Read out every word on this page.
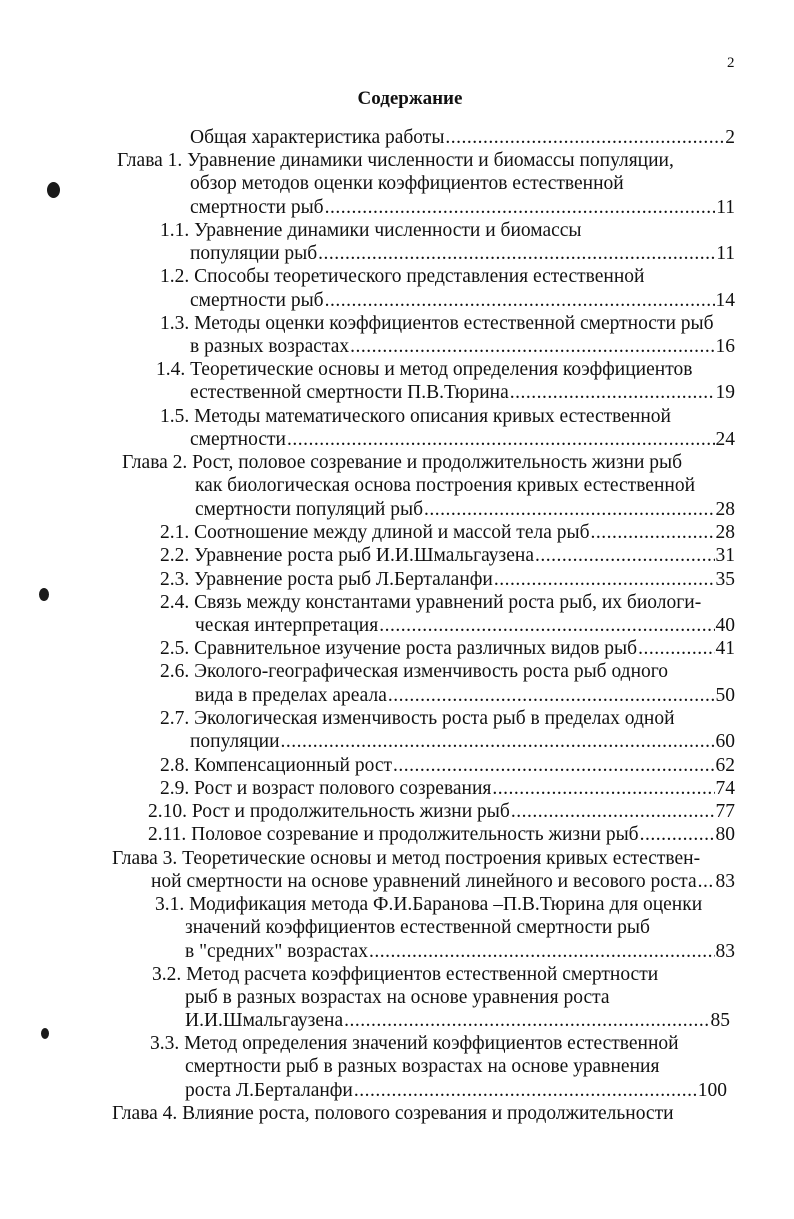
2
Содержание
Общая характеристика работы .....	2
Глава 1. Уравнение динамики численности и биомассы популяции,
обзор методов оценки коэффициентов естественной
смертности рыб .....	11
1.1. Уравнение динамики численности и биомассы
популяции рыб .....	11
1.2. Способы теоретического представления естественной
смертности рыб .....	14
1.3. Методы оценки коэффициентов естественной смертности рыб
в разных возрастах .....	16
1.4. Теоретические основы и метод определения коэффициентов
естественной смертности П.В.Тюрина .....	19
1.5. Методы математического описания кривых естественной
смертности .....	24
Глава 2. Рост, половое созревание и продолжительность жизни рыб
как биологическая основа построения кривых естественной
смертности популяций рыб .....	28
2.1. Соотношение между длиной и массой тела рыб .....	28
2.2. Уравнение роста рыб И.И.Шмальгаузена .....	31
2.3. Уравнение роста рыб Л.Берталанфи .....	35
2.4. Связь между константами уравнений роста рыб, их биологи-
ческая интерпретация .....	40
2.5. Сравнительное изучение роста различных видов рыб .....	41
2.6. Эколого-географическая изменчивость роста рыб одного
вида в пределах ареала .....	50
2.7. Экологическая изменчивость роста рыб в пределах одной
популяции .....	60
2.8. Компенсационный рост .....	62
2.9. Рост и возраст полового созревания .....	74
2.10. Рост и продолжительность жизни рыб .....	77
2.11. Половое созревание и продолжительность жизни рыб .....	80
Глава 3. Теоретические основы и метод построения кривых естествен-
ной смертности на основе уравнений линейного и весового роста ..... 83
3.1. Модификация метода Ф.И.Баранова –П.В.Тюрина для оценки
значений коэффициентов естественной смертности рыб
в "средних" возрастах .....	83
3.2. Метод расчета коэффициентов естественной смертности
рыб в разных возрастах на основе уравнения роста
И.И.Шмальгаузена .....	85
3.3. Метод определения значений коэффициентов естественной
смертности рыб в разных возрастах на основе уравнения
роста Л.Берталанфи .....	100
Глава 4. Влияние роста, полового созревания и продолжительности
